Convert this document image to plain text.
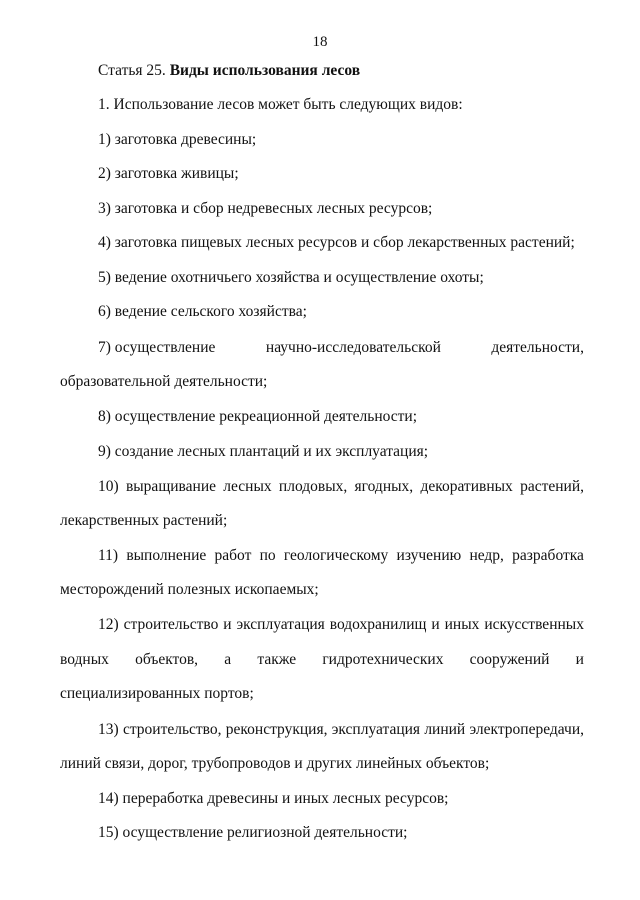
18
Статья 25. Виды использования лесов
1. Использование лесов может быть следующих видов:
1) заготовка древесины;
2) заготовка живицы;
3) заготовка и сбор недревесных лесных ресурсов;
4) заготовка пищевых лесных ресурсов и сбор лекарственных растений;
5) ведение охотничьего хозяйства и осуществление охоты;
6) ведение сельского хозяйства;
7) осуществление	научно-исследовательской	деятельности,
образовательной деятельности;
8) осуществление рекреационной деятельности;
9) создание лесных плантаций и их эксплуатация;
10) выращивание лесных плодовых, ягодных, декоративных растений,
лекарственных растений;
11) выполнение работ по геологическому изучению недр, разработка
месторождений полезных ископаемых;
12) строительство и эксплуатация водохранилищ и иных искусственных
водных объектов, а также гидротехнических сооружений и
специализированных портов;
13) строительство, реконструкция, эксплуатация линий электропередачи,
линий связи, дорог, трубопроводов и других линейных объектов;
14) переработка древесины и иных лесных ресурсов;
15) осуществление религиозной деятельности;
